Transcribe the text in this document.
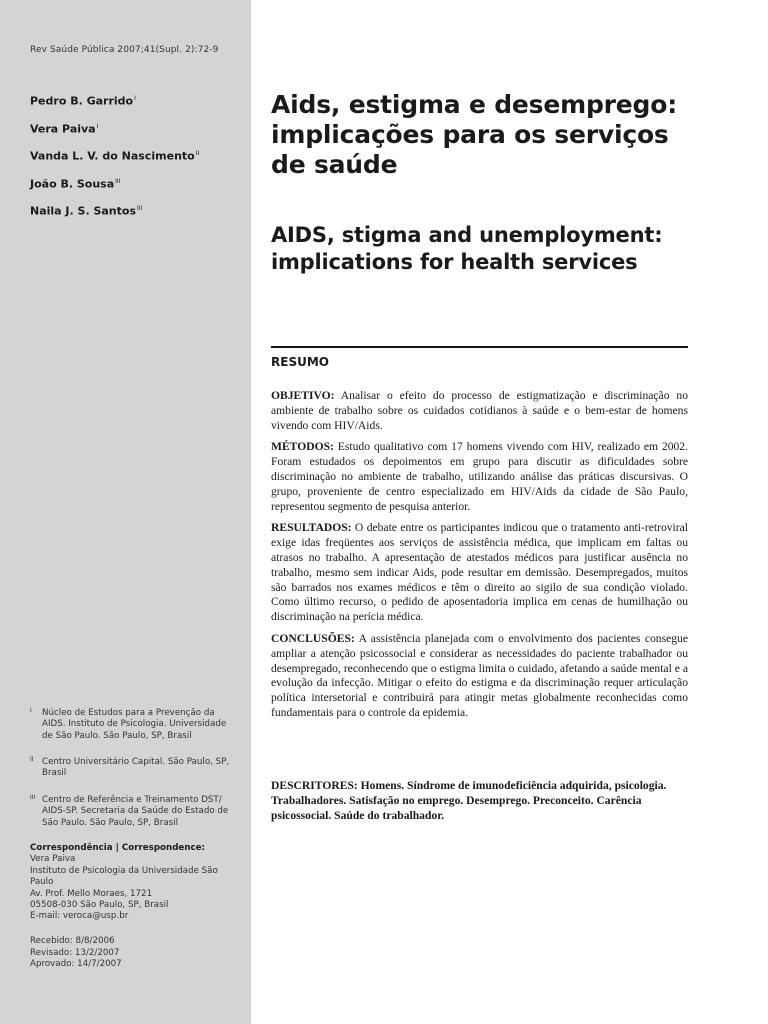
Rev Saúde Pública 2007;41(Supl. 2):72-9
Pedro B. Garrido$^I$
Vera Paiva$^I$
Vanda L. V. do Nascimento$^{II}$
João B. Sousa$^{III}$
Naila J. S. Santos$^{III}$
I	Núcleo de Estudos para a Prevenção da AIDS. Instituto de Psicologia. Universidade de São Paulo. São Paulo, SP, Brasil
II Centro Universitário Capital. São Paulo, SP, Brasil
III Centro de Referência e Treinamento DST/ AIDS-SP. Secretaria da Saúde do Estado de São Paulo. São Paulo, SP, Brasil
Correspondência | Correspondence:
Vera Paiva
Instituto de Psicologia da Universidade São Paulo
Av. Prof. Mello Moraes, 1721
05508-030 São Paulo, SP, Brasil
E-mail: veroca@usp.br
Recebido: 8/8/2006
Revisado: 13/2/2007
Aprovado: 14/7/2007
Aids, estigma e desemprego: implicações para os serviços de saúde
AIDS, stigma and unemployment: implications for health services
RESUMO

OBJETIVO: Analisar o efeito do processo de estigmatização e discriminação no ambiente de trabalho sobre os cuidados cotidianos à saúde e o bem-estar de homens vivendo com HIV/Aids.

MÉTODOS: Estudo qualitativo com 17 homens vivendo com HIV, realizado em 2002. Foram estudados os depoimentos em grupo para discutir as dificuldades sobre discriminação no ambiente de trabalho, utilizando análise das práticas discursivas. O grupo, proveniente de centro especializado em HIV/Aids da cidade de São Paulo, representou segmento de pesquisa anterior.

RESULTADOS: O debate entre os participantes indicou que o tratamento anti-retroviral exige idas freqüentes aos serviços de assistência médica, que implicam em faltas ou atrasos no trabalho. A apresentação de atestados médicos para justificar ausência no trabalho, mesmo sem indicar Aids, pode resultar em demissão. Desempregados, muitos são barrados nos exames médicos e têm o direito ao sigilo de sua condição violado. Como último recurso, o pedido de aposentadoria implica em cenas de humilhação ou discriminação na perícia médica.

CONCLUSÕES: A assistência planejada com o envolvimento dos pacientes consegue ampliar a atenção psicossocial e considerar as necessidades do paciente trabalhador ou desempregado, reconhecendo que o estigma limita o cuidado, afetando a saúde mental e a evolução da infecção. Mitigar o efeito do estigma e da discriminação requer articulação política intersetorial e contribuirá para atingir metas globalmente reconhecidas como fundamentais para o controle da epidemia.

DESCRITORES: Homens. Síndrome de imunodeficiência adquirida, psicologia. Trabalhadores. Satisfação no emprego. Desemprego. Preconceito. Carência psicossocial. Saúde do trabalhador.
